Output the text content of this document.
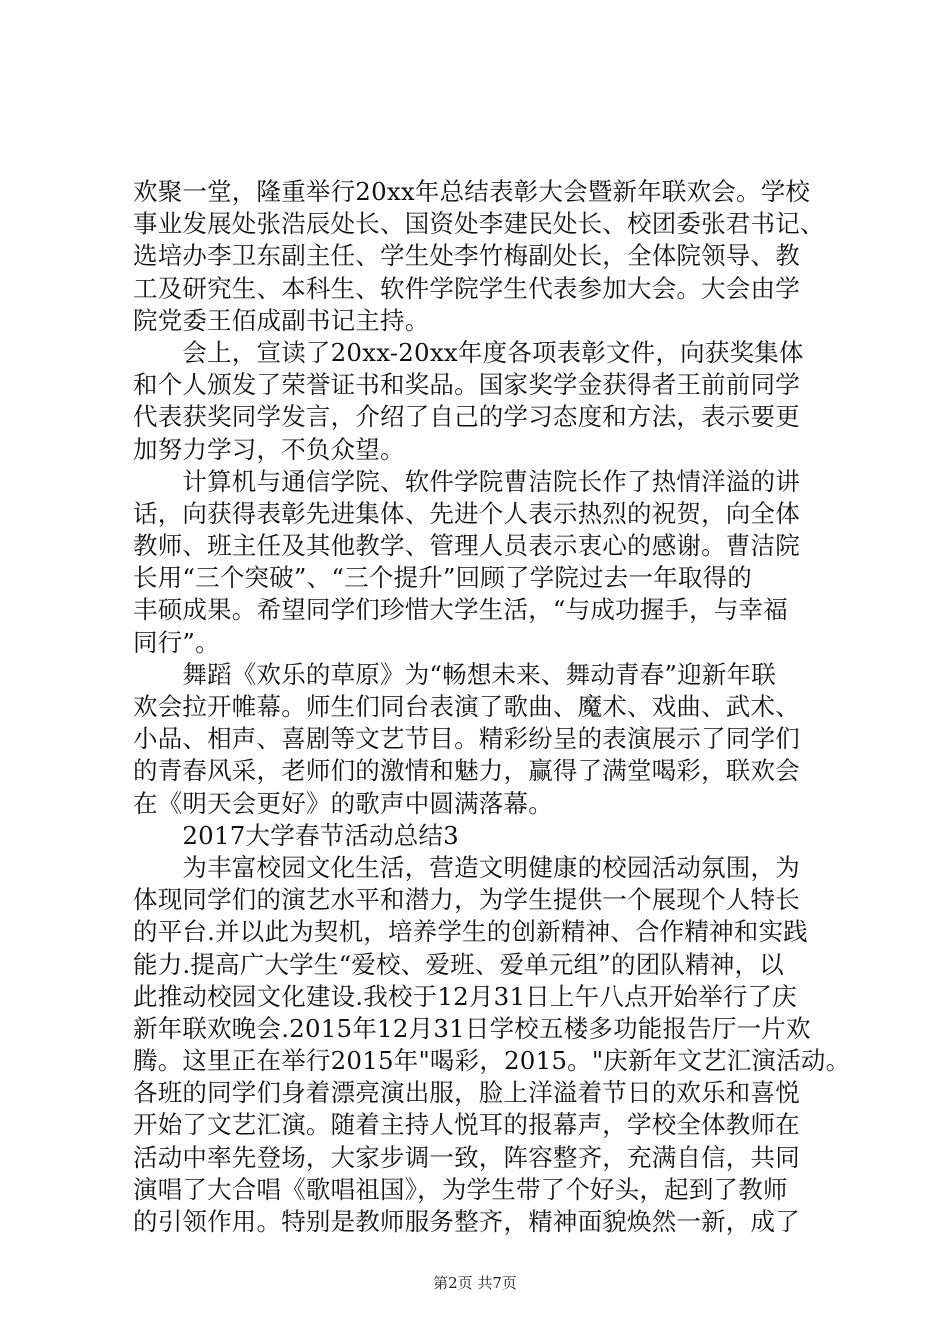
欢聚一堂，隆重举行20xx年总结表彰大会暨新年联欢会。学校
事业发展处张浩辰处长、国资处李建民处长、校团委张君书记、
选培办李卫东副主任、学生处李竹梅副处长，全体院领导、教
工及研究生、本科生、软件学院学生代表参加大会。大会由学
院党委王佰成副书记主持。
　　会上，宣读了20xx-20xx年度各项表彰文件，向获奖集体
和个人颁发了荣誉证书和奖品。国家奖学金获得者王前前同学
代表获奖同学发言，介绍了自己的学习态度和方法，表示要更
加努力学习，不负众望。
　　计算机与通信学院、软件学院曹洁院长作了热情洋溢的讲
话，向获得表彰先进集体、先进个人表示热烈的祝贺，向全体
教师、班主任及其他教学、管理人员表示衷心的感谢。曹洁院
长用“三个突破”、“三个提升”回顾了学院过去一年取得的
丰硕成果。希望同学们珍惜大学生活，“与成功握手，与幸福
同行”。
　　舞蹈《欢乐的草原》为“畅想未来、舞动青春”迎新年联
欢会拉开帷幕。师生们同台表演了歌曲、魔术、戏曲、武术、
小品、相声、喜剧等文艺节目。精彩纷呈的表演展示了同学们
的青春风采，老师们的激情和魅力，赢得了满堂喝彩，联欢会
在《明天会更好》的歌声中圆满落幕。
　　2017大学春节活动总结3
　　为丰富校园文化生活，营造文明健康的校园活动氛围，为
体现同学们的演艺水平和潜力，为学生提供一个展现个人特长
的平台.并以此为契机，培养学生的创新精神、合作精神和实践
能力.提高广大学生“爱校、爱班、爱单元组”的团队精神，以
此推动校园文化建设.我校于12月31日上午八点开始举行了庆
新年联欢晚会.2015年12月31日学校五楼多功能报告厅一片欢
腾。这里正在举行2015年"喝彩，2015。"庆新年文艺汇演活动。
各班的同学们身着漂亮演出服，脸上洋溢着节日的欢乐和喜悦
开始了文艺汇演。随着主持人悦耳的报幕声，学校全体教师在
活动中率先登场，大家步调一致，阵容整齐，充满自信，共同
演唱了大合唱《歌唱祖国》，为学生带了个好头，起到了教师
的引领作用。特别是教师服务整齐，精神面貌焕然一新，成了
第2页 共7页
